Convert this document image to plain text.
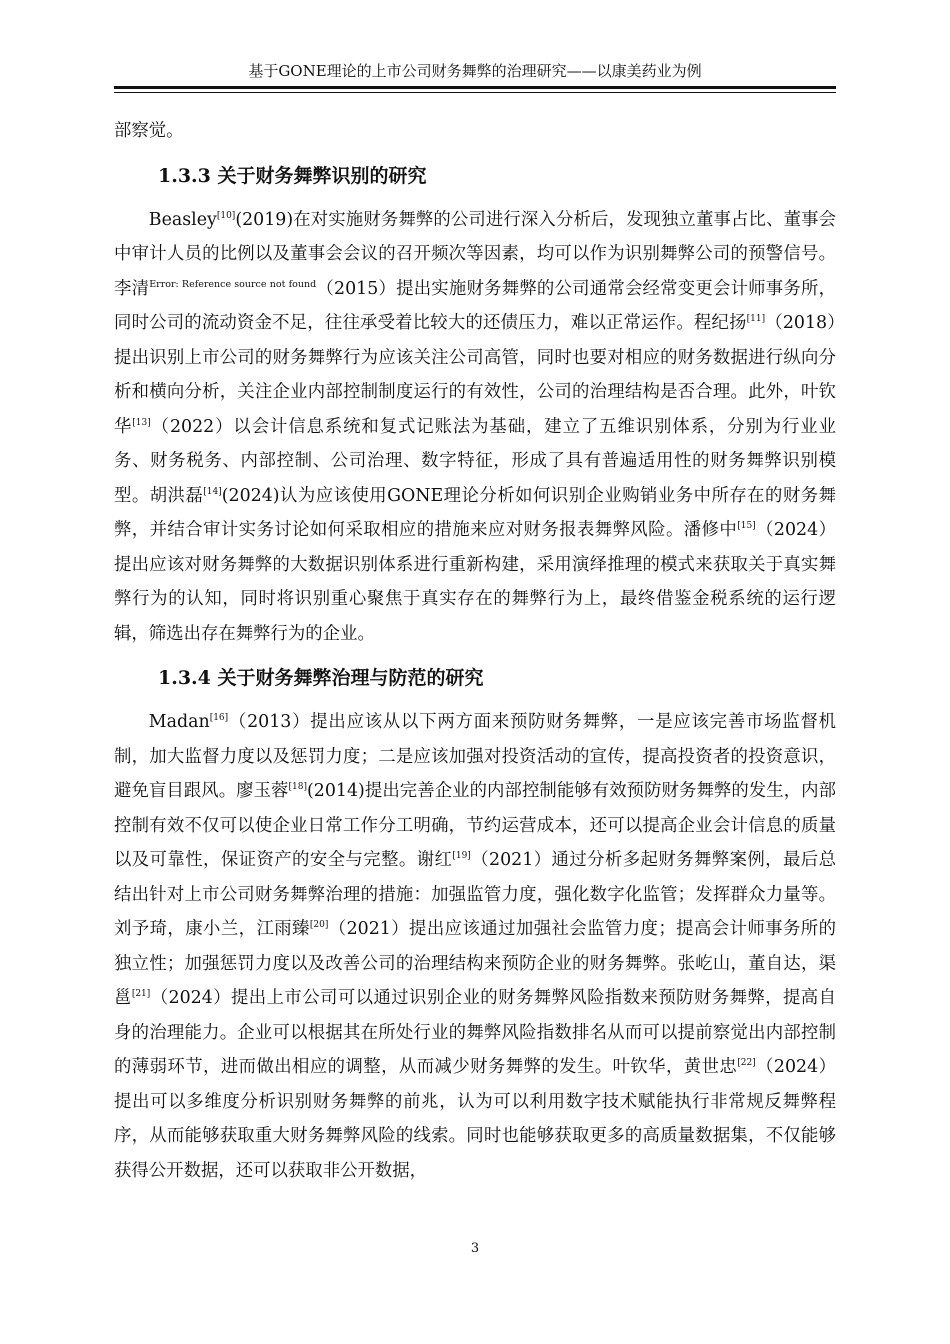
基于GONE理论的上市公司财务舞弊的治理研究——以康美药业为例

部察觉。

1.3.3 关于财务舞弊识别的研究

Beasley[10](2019)在对实施财务舞弊的公司进行深入分析后，发现独立董事占比、董事会中审计人员的比例以及董事会会议的召开频次等因素，均可以作为识别舞弊公司的预警信号。李清$^{Error: Reference source not found}$（2015）提出实施财务舞弊的公司通常会经常变更会计师事务所，同时公司的流动资金不足，往往承受着比较大的还债压力，难以正常运作。程纪扬[11]（2018）提出识别上市公司的财务舞弊行为应该关注公司高管，同时也要对相应的财务数据进行纵向分析和横向分析，关注企业内部控制制度运行的有效性，公司的治理结构是否合理。此外，叶钦华[13]（2022）以会计信息系统和复式记账法为基础，建立了五维识别体系，分别为行业业务、财务税务、内部控制、公司治理、数字特征，形成了具有普遍适用性的财务舞弊识别模型。胡洪磊[14](2024)认为应该使用GONE理论分析如何识别企业购销业务中所存在的财务舞弊，并结合审计实务讨论如何采取相应的措施来应对财务报表舞弊风险。潘修中[15]（2024）提出应该对财务舞弊的大数据识别体系进行重新构建，采用演绎推理的模式来获取关于真实舞弊行为的认知，同时将识别重心聚焦于真实存在的舞弊行为上，最终借鉴金税系统的运行逻辑，筛选出存在舞弊行为的企业。

1.3.4 关于财务舞弊治理与防范的研究

Madan[16]（2013）提出应该从以下两方面来预防财务舞弊，一是应该完善市场监督机制，加大监督力度以及惩罚力度；二是应该加强对投资活动的宣传，提高投资者的投资意识，避免盲目跟风。廖玉蓉[18](2014)提出完善企业的内部控制能够有效预防财务舞弊的发生，内部控制有效不仅可以使企业日常工作分工明确，节约运营成本，还可以提高企业会计信息的质量以及可靠性，保证资产的安全与完整。谢红[19]（2021）通过分析多起财务舞弊案例，最后总结出针对上市公司财务舞弊治理的措施：加强监管力度，强化数字化监管；发挥群众力量等。刘予琦，康小兰，江雨臻[20]（2021）提出应该通过加强社会监管力度；提高会计师事务所的独立性；加强惩罚力度以及改善公司的治理结构来预防企业的财务舞弊。张屹山，董自达，渠邕[21]（2024）提出上市公司可以通过识别企业的财务舞弊风险指数来预防财务舞弊，提高自身的治理能力。企业可以根据其在所处行业的舞弊风险指数排名从而可以提前察觉出内部控制的薄弱环节，进而做出相应的调整，从而减少财务舞弊的发生。叶钦华，黄世忠[22]（2024）提出可以多维度分析识别财务舞弊的前兆，认为可以利用数字技术赋能执行非常规反舞弊程序，从而能够获取重大财务舞弊风险的线索。同时也能够获取更多的高质量数据集，不仅能够获得公开数据，还可以获取非公开数据，

3
